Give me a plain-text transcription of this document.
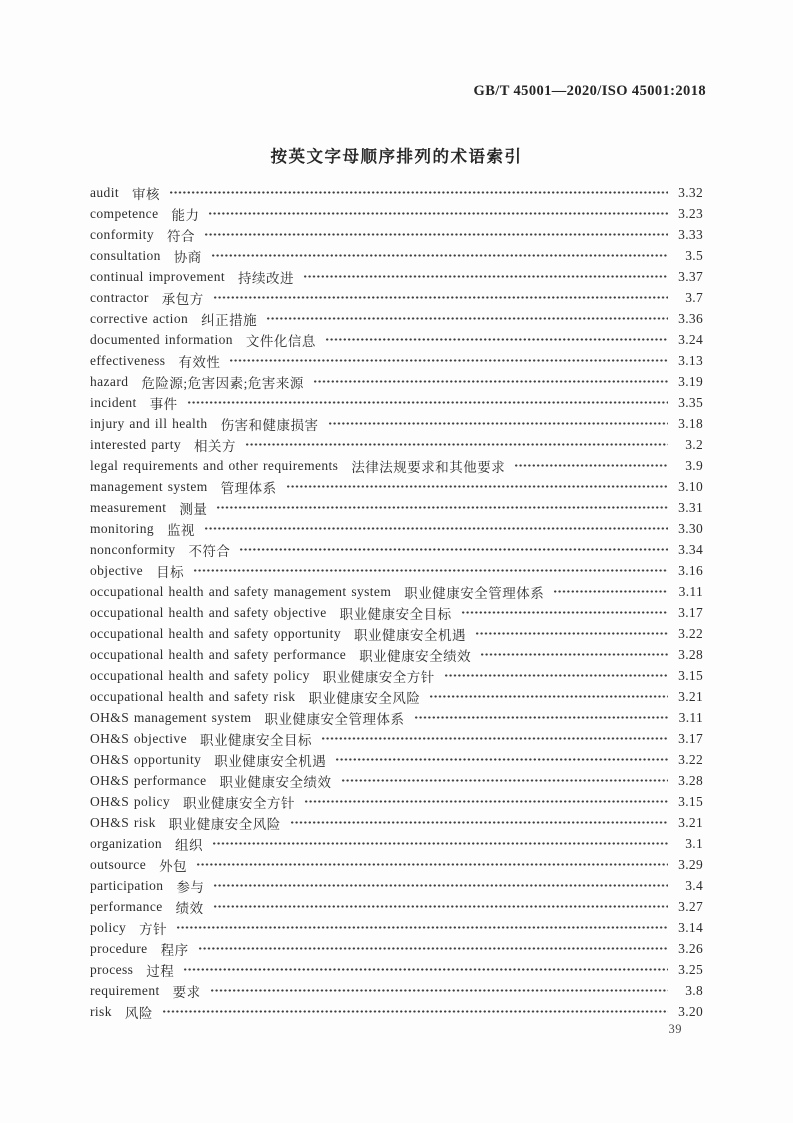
GB/T 45001—2020/ISO 45001:2018
按英文字母顺序排列的术语索引
audit 审核	3.32
competence 能力	3.23
conformity 符合	3.33
consultation 协商	3.5
continual improvement 持续改进	3.37
contractor 承包方	3.7
corrective action 纠正措施	3.36
documented information 文件化信息	3.24
effectiveness 有效性	3.13
hazard 危险源;危害因素;危害来源	3.19
incident 事件	3.35
injury and ill health 伤害和健康损害	3.18
interested party 相关方	3.2
legal requirements and other requirements 法律法规要求和其他要求	3.9
management system 管理体系	3.10
measurement 测量	3.31
monitoring 监视	3.30
nonconformity 不符合	3.34
objective 目标	3.16
occupational health and safety management system 职业健康安全管理体系	3.11
occupational health and safety objective 职业健康安全目标	3.17
occupational health and safety opportunity 职业健康安全机遇	3.22
occupational health and safety performance 职业健康安全绩效	3.28
occupational health and safety policy 职业健康安全方针	3.15
occupational health and safety risk 职业健康安全风险	3.21
OH&S management system 职业健康安全管理体系	3.11
OH&S objective 职业健康安全目标	3.17
OH&S opportunity 职业健康安全机遇	3.22
OH&S performance 职业健康安全绩效	3.28
OH&S policy 职业健康安全方针	3.15
OH&S risk 职业健康安全风险	3.21
organization 组织	3.1
outsource 外包	3.29
participation 参与	3.4
performance 绩效	3.27
policy 方针	3.14
procedure 程序	3.26
process 过程	3.25
requirement 要求	3.8
risk 风险	3.20
39
